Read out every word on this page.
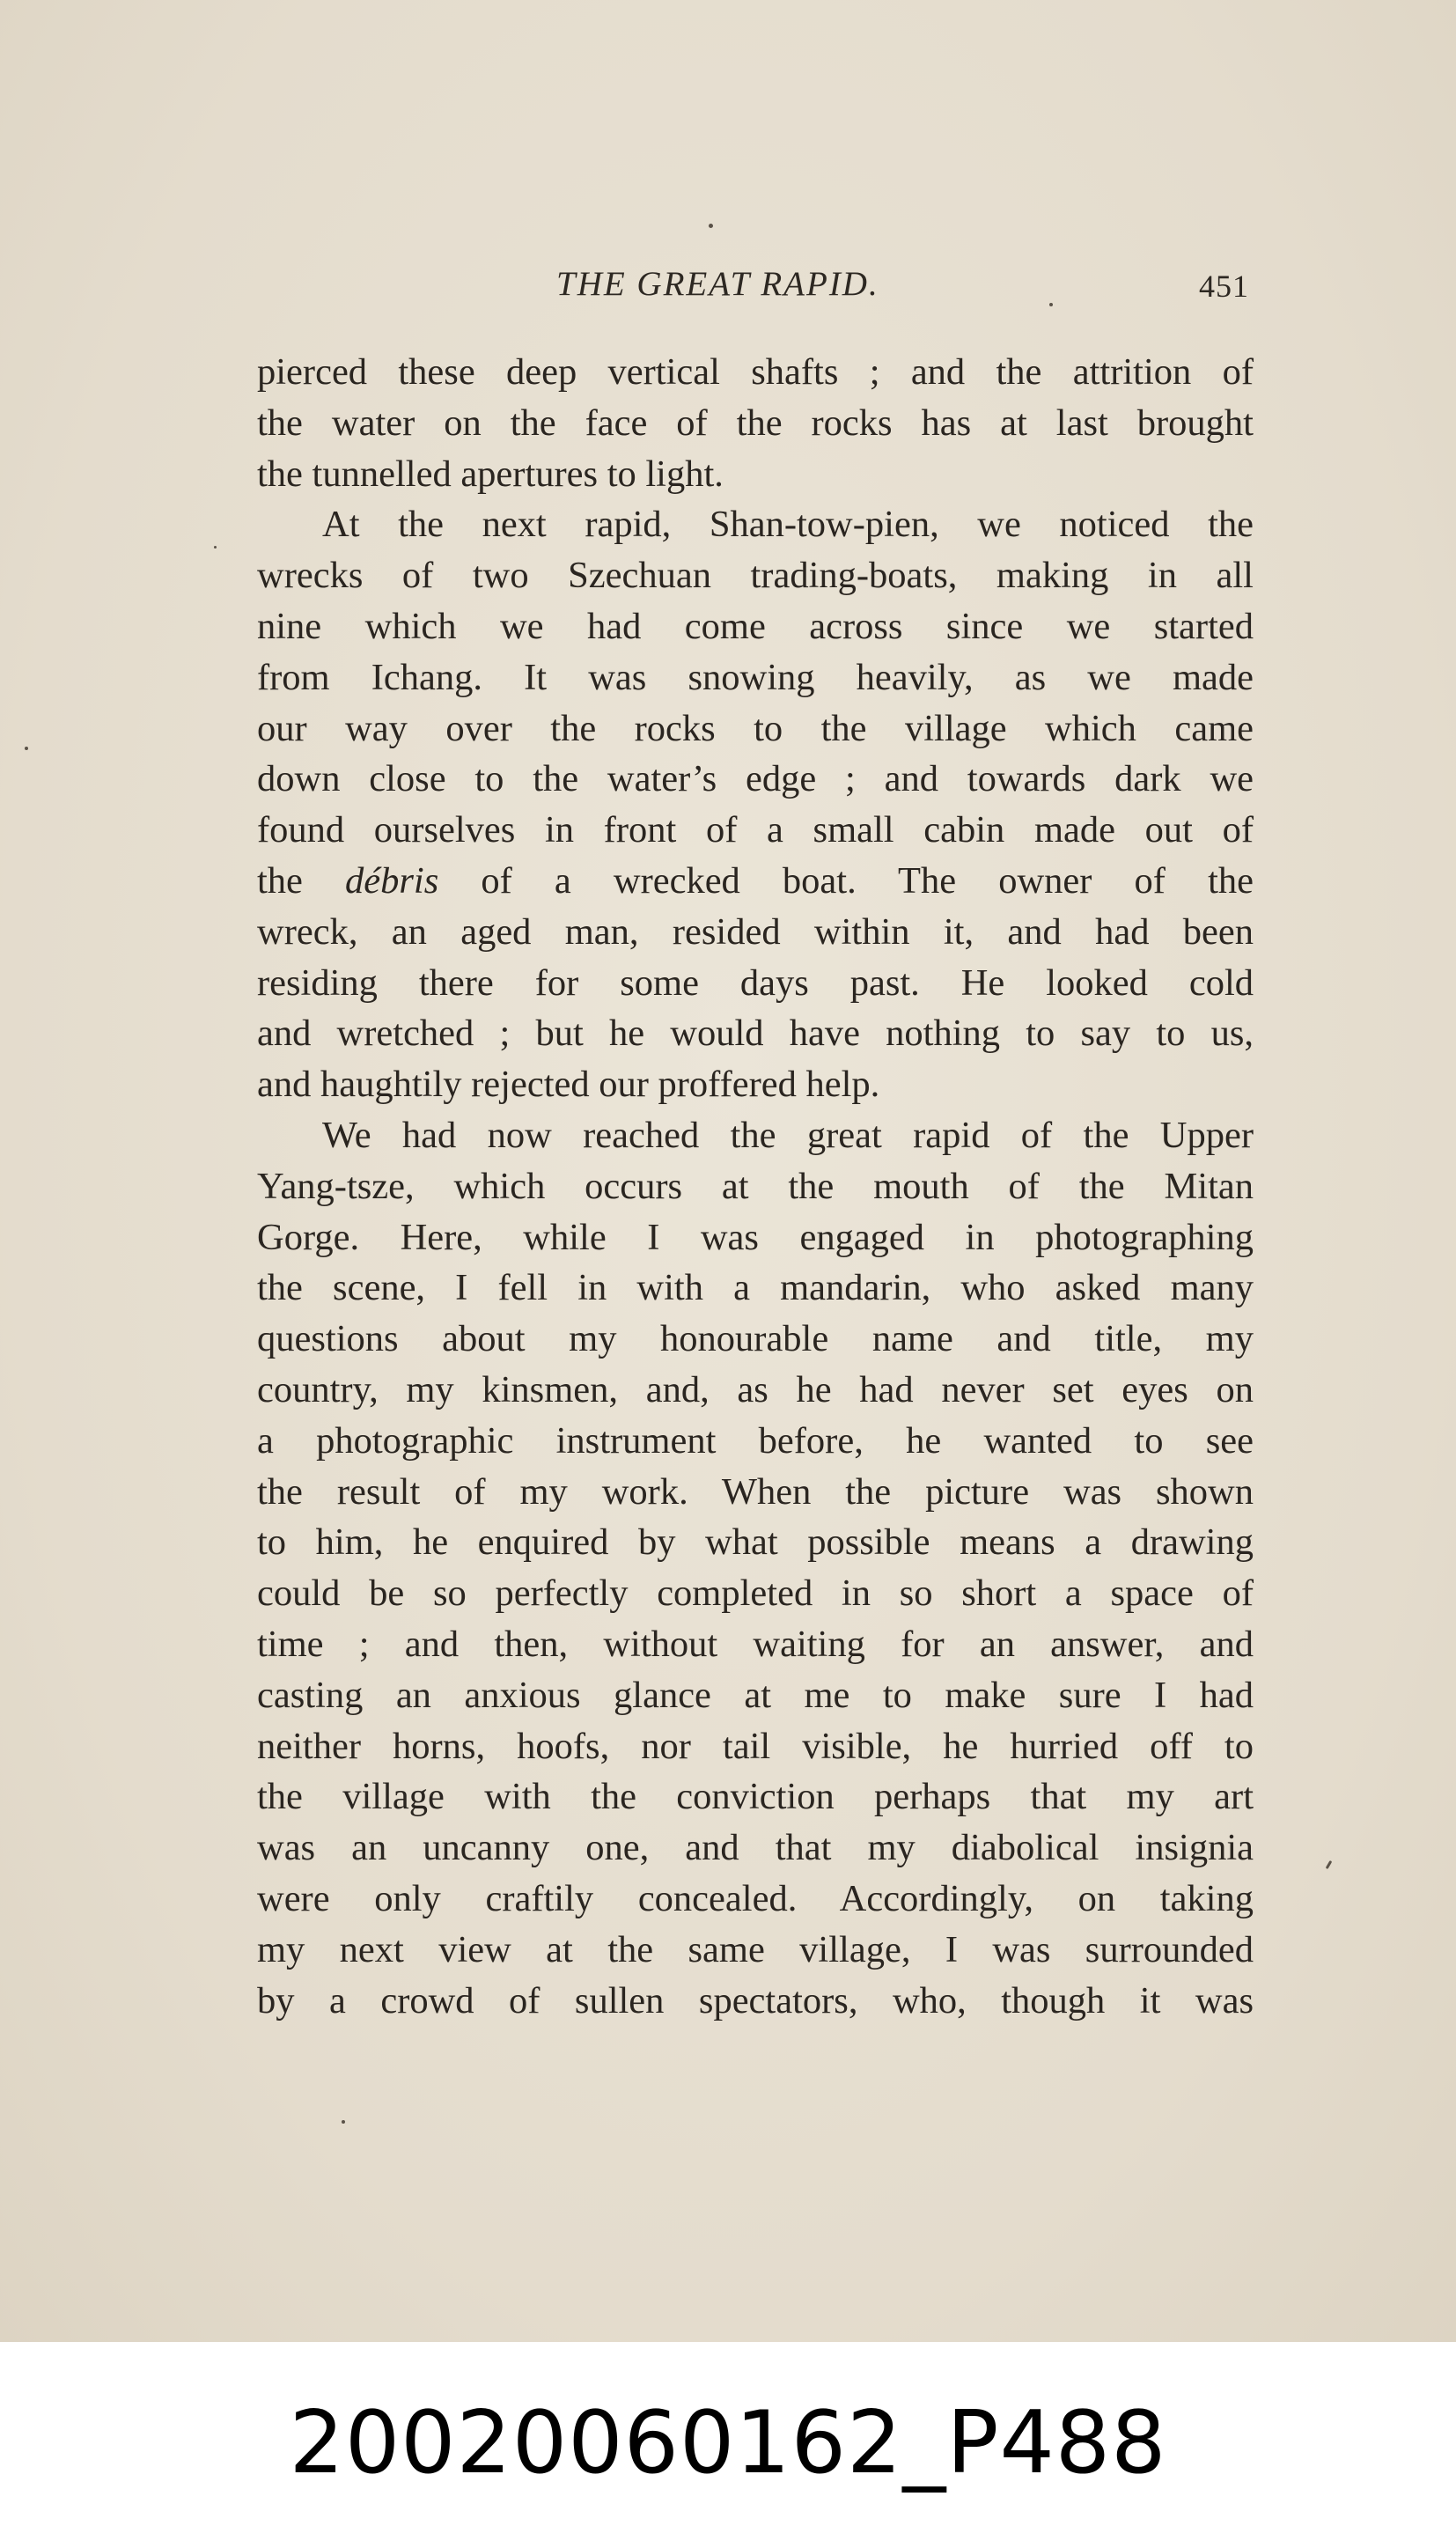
THE GREAT RAPID.	451

pierced these deep vertical shafts ; and the attrition of
the water on the face of the rocks has at last brought
the tunnelled apertures to light.

At the next rapid, Shan-tow-pien, we noticed the
wrecks of two Szechuan trading-boats, making in all
nine which we had come across since we started
from Ichang. It was snowing heavily, as we made
our way over the rocks to the village which came
down close to the water’s edge ; and towards dark we
found ourselves in front of a small cabin made out of
the débris of a wrecked boat. The owner of the
wreck, an aged man, resided within it, and had been
residing there for some days past. He looked cold
and wretched ; but he would have nothing to say to us,
and haughtily rejected our proffered help.

We had now reached the great rapid of the Upper
Yang-tsze, which occurs at the mouth of the Mitan
Gorge. Here, while I was engaged in photographing
the scene, I fell in with a mandarin, who asked many
questions about my honourable name and title, my
country, my kinsmen, and, as he had never set eyes on
a photographic instrument before, he wanted to see
the result of my work. When the picture was shown
to him, he enquired by what possible means a drawing
could be so perfectly completed in so short a space of
time ; and then, without waiting for an answer, and
casting an anxious glance at me to make sure I had
neither horns, hoofs, nor tail visible, he hurried off to
the village with the conviction perhaps that my art
was an uncanny one, and that my diabolical insignia
were only craftily concealed. Accordingly, on taking
my next view at the same village, I was surrounded
by a crowd of sullen spectators, who, though it was

20020060162_P488
